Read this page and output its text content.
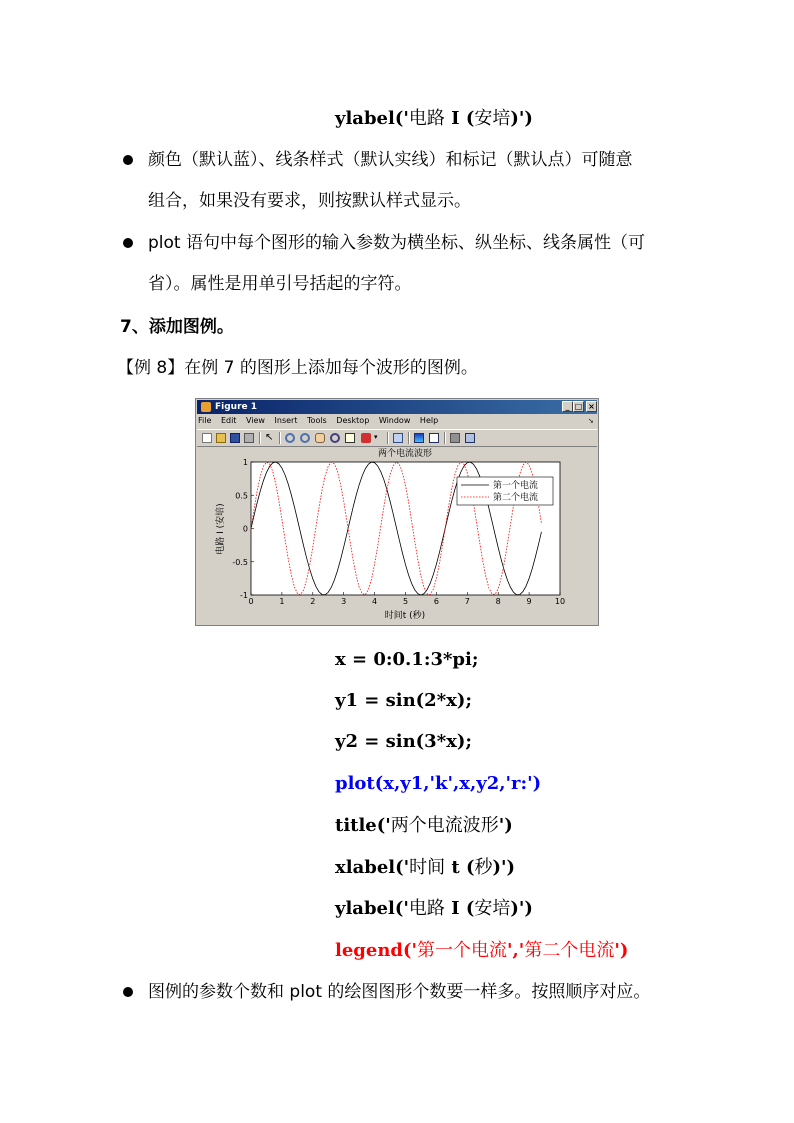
ylabel('电路 I (安培)')
颜色（默认蓝）、线条样式（默认实线）和标记（默认点）可随意
组合，如果没有要求，则按默认样式显示。
plot 语句中每个图形的输入参数为横坐标、纵坐标、线条属性（可
省）。属性是用单引号括起的字符。
7、添加图例。
【例 8】在例 7 的图形上添加每个波形的图例。
Figure 1	_ □ ×
File Edit View Insert Tools Desktop Window Help	➘
↖	▾
两个电流波形
0	1	2	3	4	5	6	7	8	9	10
1
0.5
0
-0.5
-1
时间t (秒)
电路 I (安培)
第一个电流
第二个电流
x = 0:0.1:3*pi;
y1 = sin(2*x);
y2 = sin(3*x);
plot(x,y1,'k',x,y2,'r:')
title('两个电流波形')
xlabel('时间 t (秒)')
ylabel('电路 I (安培)')
legend('第一个电流','第二个电流')
图例的参数个数和 plot 的绘图图形个数要一样多。按照顺序对应。
